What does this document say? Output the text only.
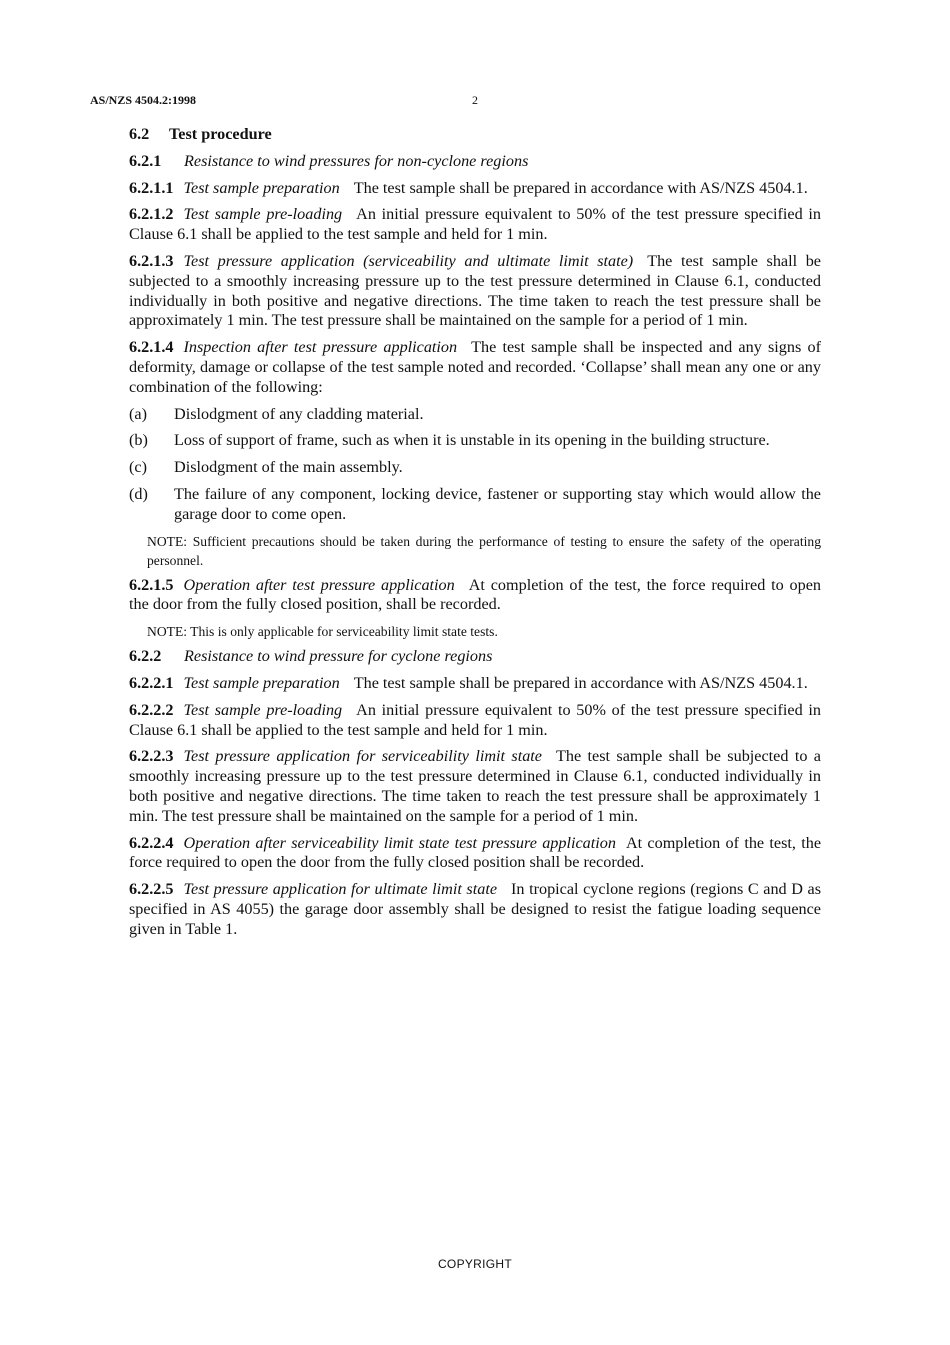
AS/NZS 4504.2:1998	2
6.2 Test procedure
6.2.1 Resistance to wind pressures for non-cyclone regions

6.2.1.1 Test sample preparation The test sample shall be prepared in accordance with AS/NZS 4504.1.

6.2.1.2 Test sample pre-loading An initial pressure equivalent to 50% of the test pressure specified in Clause 6.1 shall be applied to the test sample and held for 1 min.

6.2.1.3 Test pressure application (serviceability and ultimate limit state) The test sample shall be subjected to a smoothly increasing pressure up to the test pressure determined in Clause 6.1, conducted individually in both positive and negative directions. The time taken to reach the test pressure shall be approximately 1 min. The test pressure shall be maintained on the sample for a period of 1 min.

6.2.1.4 Inspection after test pressure application The test sample shall be inspected and any signs of deformity, damage or collapse of the test sample noted and recorded. ‘Collapse’ shall mean any one or any combination of the following:

(a) Dislodgment of any cladding material.
(b) Loss of support of frame, such as when it is unstable in its opening in the building structure.
(c) Dislodgment of the main assembly.
(d) The failure of any component, locking device, fastener or supporting stay which would allow the garage door to come open.
NOTE: Sufficient precautions should be taken during the performance of testing to ensure the safety of the operating personnel.

6.2.1.5 Operation after test pressure application At completion of the test, the force required to open the door from the fully closed position, shall be recorded.

NOTE: This is only applicable for serviceability limit state tests.
6.2.2 Resistance to wind pressure for cyclone regions

6.2.2.1 Test sample preparation The test sample shall be prepared in accordance with AS/NZS 4504.1.

6.2.2.2 Test sample pre-loading An initial pressure equivalent to 50% of the test pressure specified in Clause 6.1 shall be applied to the test sample and held for 1 min.

6.2.2.3 Test pressure application for serviceability limit state The test sample shall be subjected to a smoothly increasing pressure up to the test pressure determined in Clause 6.1, conducted individually in both positive and negative directions. The time taken to reach the test pressure shall be approximately 1 min. The test pressure shall be maintained on the sample for a period of 1 min.

6.2.2.4 Operation after serviceability limit state test pressure application At completion of the test, the force required to open the door from the fully closed position shall be recorded.

6.2.2.5 Test pressure application for ultimate limit state In tropical cyclone regions (regions C and D as specified in AS 4055) the garage door assembly shall be designed to resist the fatigue loading sequence given in Table 1.

COPYRIGHT
